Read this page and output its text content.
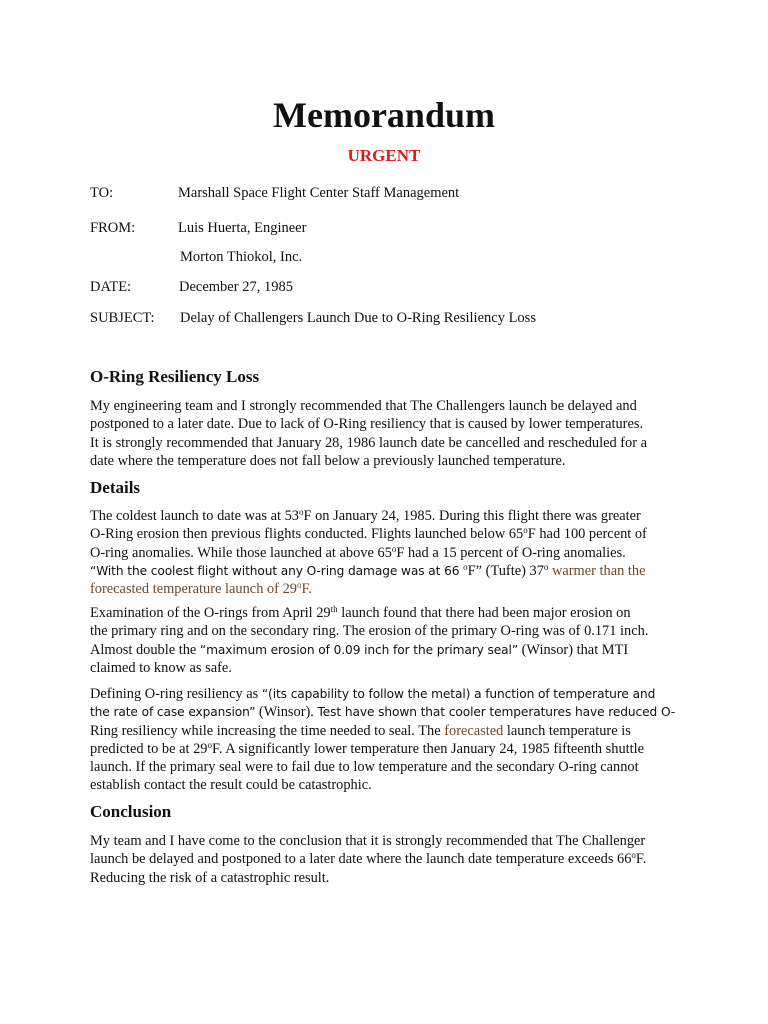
Memorandum
URGENT
TO:	Marshall Space Flight Center Staff Management
FROM:	Luis Huerta, Engineer
Morton Thiokol, Inc.
DATE:	December 27, 1985
SUBJECT: Delay of Challengers Launch Due to O-Ring Resiliency Loss
O-Ring Resiliency Loss
My engineering team and I strongly recommended that The Challengers launch be delayed and
postponed to a later date. Due to lack of O-Ring resiliency that is caused by lower temperatures.
It is strongly recommended that January 28, 1986 launch date be cancelled and rescheduled for a
date where the temperature does not fall below a previously launched temperature.
Details
The coldest launch to date was at 53$^o$F on January 24, 1985. During this flight there was greater
O-Ring erosion then previous flights conducted. Flights launched below 65$^o$F had 100 percent of
O-ring anomalies. While those launched at above 65$^o$F had a 15 percent of O-ring anomalies.
“With the coolest flight without any O-ring damage was at 66 $^o$F” (Tufte) 37$^o$ warmer than the
forecasted temperature launch of 29$^o$F.
Examination of the O-rings from April 29th launch found that there had been major erosion on
the primary ring and on the secondary ring. The erosion of the primary O-ring was of 0.171 inch.
Almost double the “maximum erosion of 0.09 inch for the primary seal” (Winsor) that MTI
claimed to know as safe.
Defining O-ring resiliency as “(its capability to follow the metal) a function of temperature and
the rate of case expansion” (Winsor). Test have shown that cooler temperatures have reduced O-
Ring resiliency while increasing the time needed to seal. The forecasted launch temperature is
predicted to be at 29$^o$F. A significantly lower temperature then January 24, 1985 fifteenth shuttle
launch. If the primary seal were to fail due to low temperature and the secondary O-ring cannot
establish contact the result could be catastrophic.
Conclusion
My team and I have come to the conclusion that it is strongly recommended that The Challenger
launch be delayed and postponed to a later date where the launch date temperature exceeds 66$^o$F.
Reducing the risk of a catastrophic result.
